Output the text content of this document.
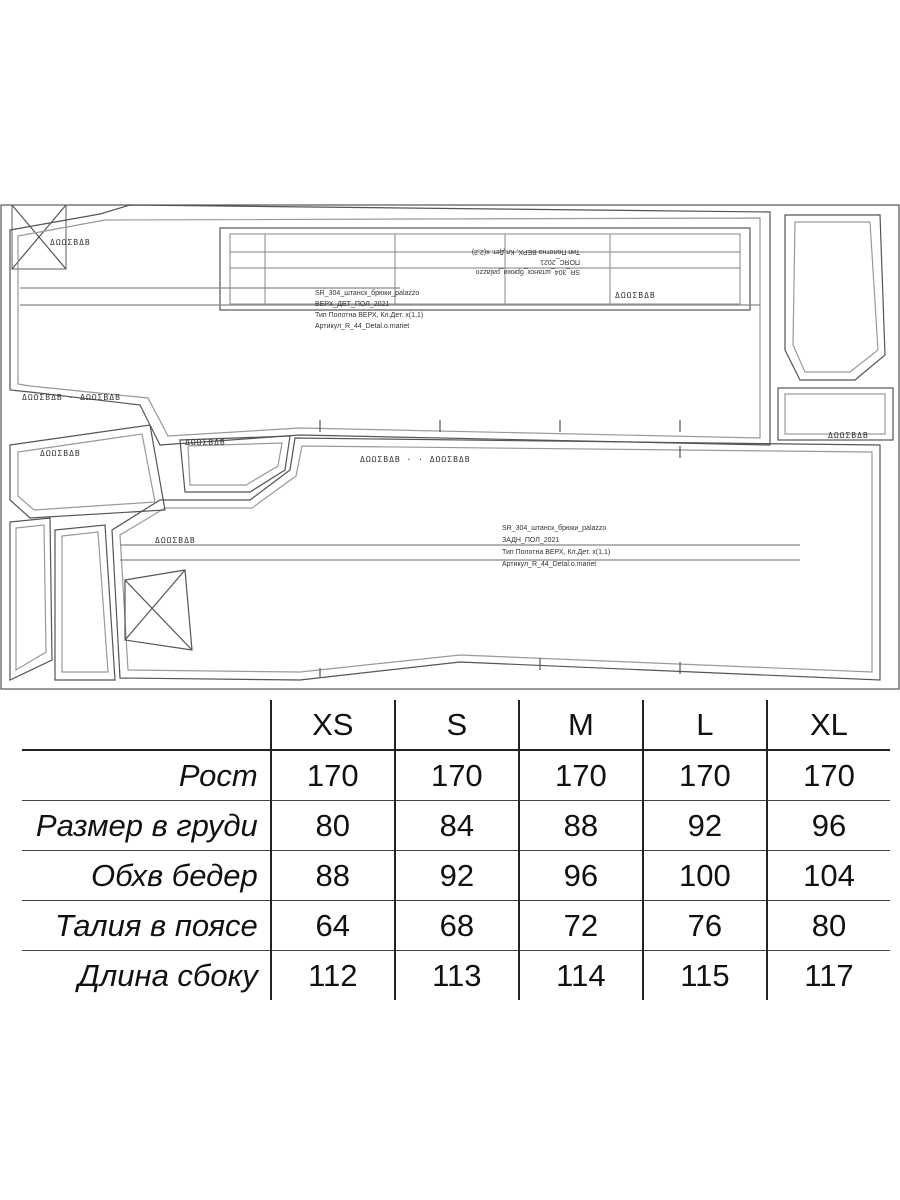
ΔΩΩΣΒΔΒ
ΔΩΩΣΒΔΒ
ΔΩΩΣΒΔΒ
ΔΩΩΣΒΔΒ
ΔΩΩΣΒΔΒ
ΔΩΩΣΒΔΒ · · ΔΩΩΣΒΔΒ
ΔΩΩΣΒΔΒ
ΔΩΩΣΒΔΒ · ΔΩΩΣΒΔΒ
SR_304_штанск_брюки_palazzo
ВЕРХ_ДЕТ_ПОЛ_2021
Тип Полотна ВЕРХ, Кл.Дет. х(1,1)
Артикул_R_44_Detal.о.mariet
SR_304_штанск_брюки_palazzo
ЗАДН_ПОЛ_2021
Тип Полотна ВЕРХ, Кл.Дет. х(1,1)
Артикул_R_44_Detal.о.mariet
SR_304_штанск_брюки_palazzo
ПОЯС_2021
Тип Полотна ВЕРХ, Кл.Дет. х(2,2)
	XS	S	M	L	XL
Рост	170	170	170	170	170
Размер в груди	80	84	88	92	96
Обхв бедер	88	92	96	100	104
Талия в поясе	64	68	72	76	80
Длина сбоку	112	113	114	115	117
